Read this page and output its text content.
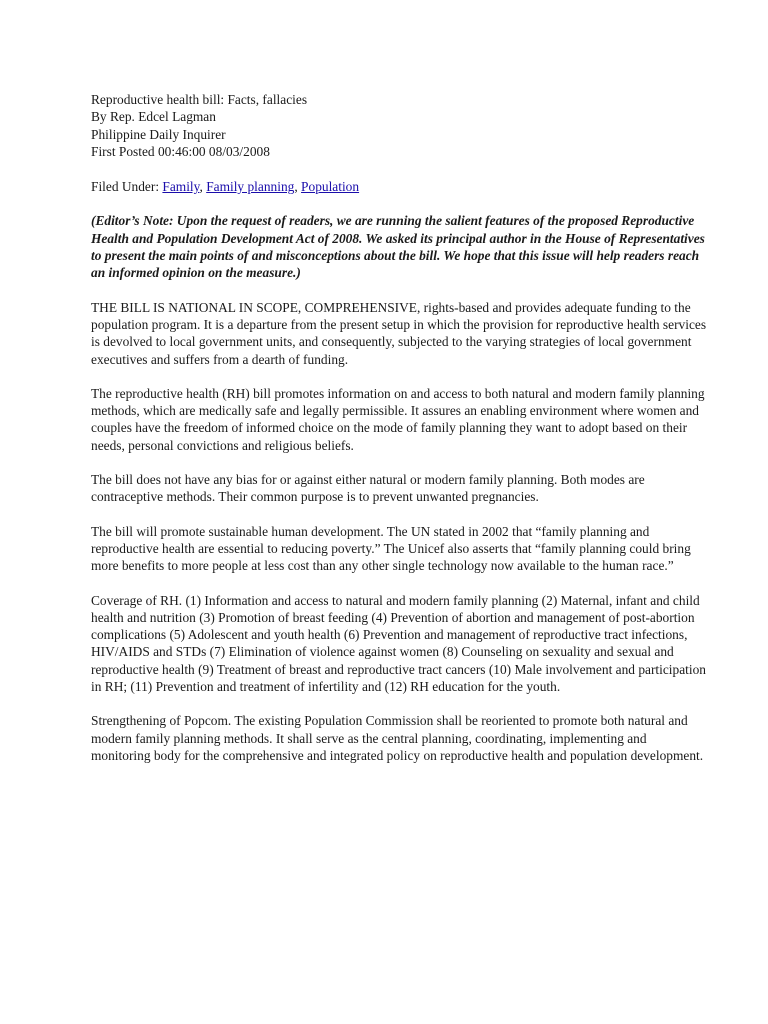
Reproductive health bill: Facts, fallacies

By Rep. Edcel Lagman

Philippine Daily Inquirer

First Posted 00:46:00 08/03/2008

Filed Under: Family, Family planning, Population

(Editor’s Note: Upon the request of readers, we are running the salient features of the proposed Reproductive Health and Population Development Act of 2008. We asked its principal author in the House of Representatives to present the main points of and misconceptions about the bill. We hope that this issue will help readers reach an informed opinion on the measure.)

THE BILL IS NATIONAL IN SCOPE, COMPREHENSIVE, rights-based and provides adequate funding to the population program. It is a departure from the present setup in which the provision for reproductive health services is devolved to local government units, and consequently, subjected to the varying strategies of local government executives and suffers from a dearth of funding.

The reproductive health (RH) bill promotes information on and access to both natural and modern family planning methods, which are medically safe and legally permissible. It assures an enabling environment where women and couples have the freedom of informed choice on the mode of family planning they want to adopt based on their needs, personal convictions and religious beliefs.

The bill does not have any bias for or against either natural or modern family planning. Both modes are contraceptive methods. Their common purpose is to prevent unwanted pregnancies.

The bill will promote sustainable human development. The UN stated in 2002 that “family planning and reproductive health are essential to reducing poverty.” The Unicef also asserts that “family planning could bring more benefits to more people at less cost than any other single technology now available to the human race.”

Coverage of RH. (1) Information and access to natural and modern family planning (2) Maternal, infant and child health and nutrition (3) Promotion of breast feeding (4) Prevention of abortion and management of post-abortion complications (5) Adolescent and youth health (6) Prevention and management of reproductive tract infections, HIV/AIDS and STDs (7) Elimination of violence against women (8) Counseling on sexuality and sexual and reproductive health (9) Treatment of breast and reproductive tract cancers (10) Male involvement and participation in RH; (11) Prevention and treatment of infertility and (12) RH education for the youth.

Strengthening of Popcom. The existing Population Commission shall be reoriented to promote both natural and modern family planning methods. It shall serve as the central planning, coordinating, implementing and monitoring body for the comprehensive and integrated policy on reproductive health and population development.
